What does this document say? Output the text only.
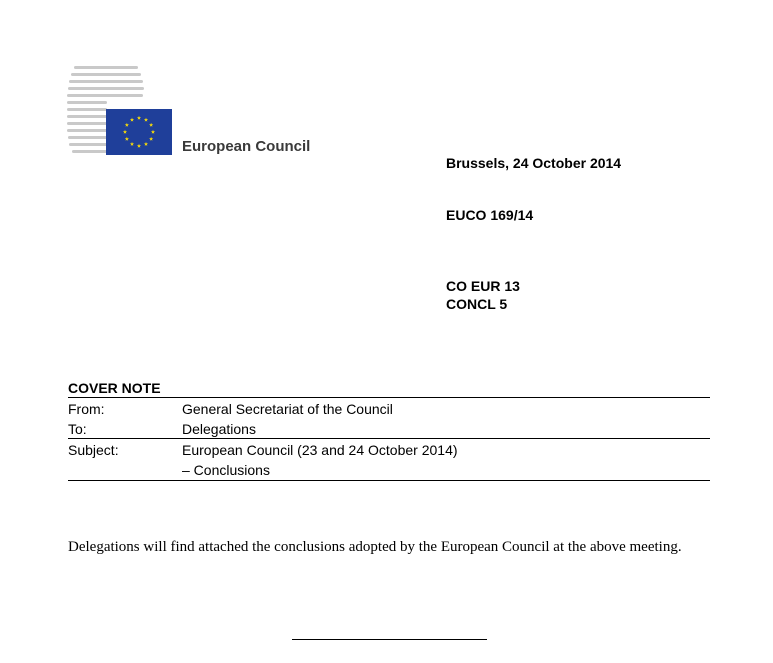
European Council
Brussels, 24 October 2014
EUCO 169/14
CO EUR 13
CONCL 5
COVER NOTE
From:	General Secretariat of the Council
To:	Delegations
Subject:	European Council (23 and 24 October 2014)
– Conclusions
Delegations will find attached the conclusions adopted by the European Council at the above meeting.
